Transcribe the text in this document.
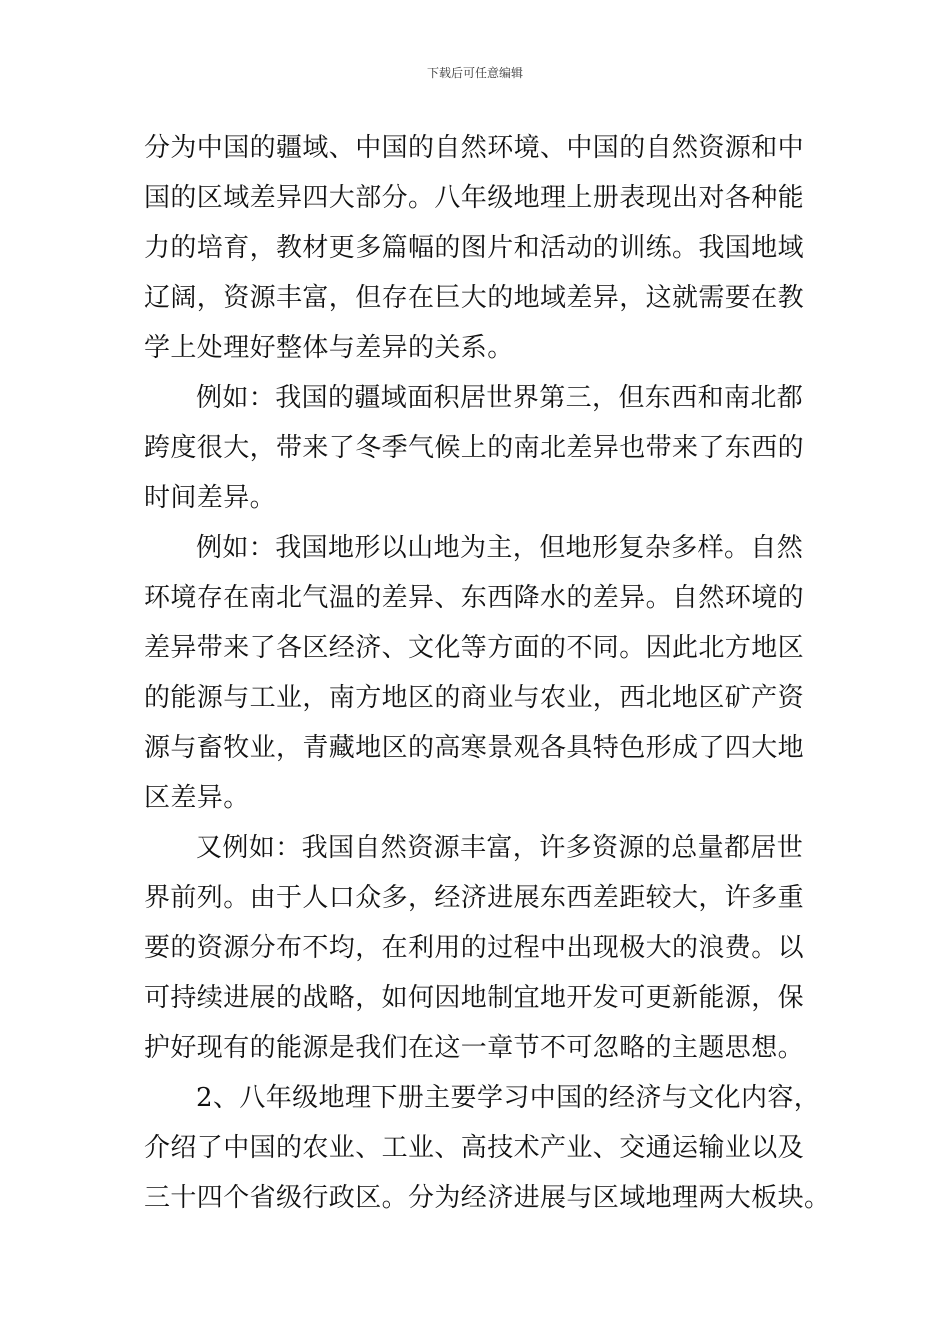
下载后可任意编辑
分为中国的疆域、中国的自然环境、中国的自然资源和中
国的区域差异四大部分。八年级地理上册表现出对各种能
力的培育，教材更多篇幅的图片和活动的训练。我国地域
辽阔，资源丰富，但存在巨大的地域差异，这就需要在教
学上处理好整体与差异的关系。
例如：我国的疆域面积居世界第三，但东西和南北都
跨度很大，带来了冬季气候上的南北差异也带来了东西的
时间差异。
例如：我国地形以山地为主，但地形复杂多样。自然
环境存在南北气温的差异、东西降水的差异。自然环境的
差异带来了各区经济、文化等方面的不同。因此北方地区
的能源与工业，南方地区的商业与农业，西北地区矿产资
源与畜牧业，青藏地区的高寒景观各具特色形成了四大地
区差异。
又例如：我国自然资源丰富，许多资源的总量都居世
界前列。由于人口众多，经济进展东西差距较大，许多重
要的资源分布不均，在利用的过程中出现极大的浪费。以
可持续进展的战略，如何因地制宜地开发可更新能源，保
护好现有的能源是我们在这一章节不可忽略的主题思想。
2、八年级地理下册主要学习中国的经济与文化内容，
介绍了中国的农业、工业、高技术产业、交通运输业以及
三十四个省级行政区。分为经济进展与区域地理两大板块。
